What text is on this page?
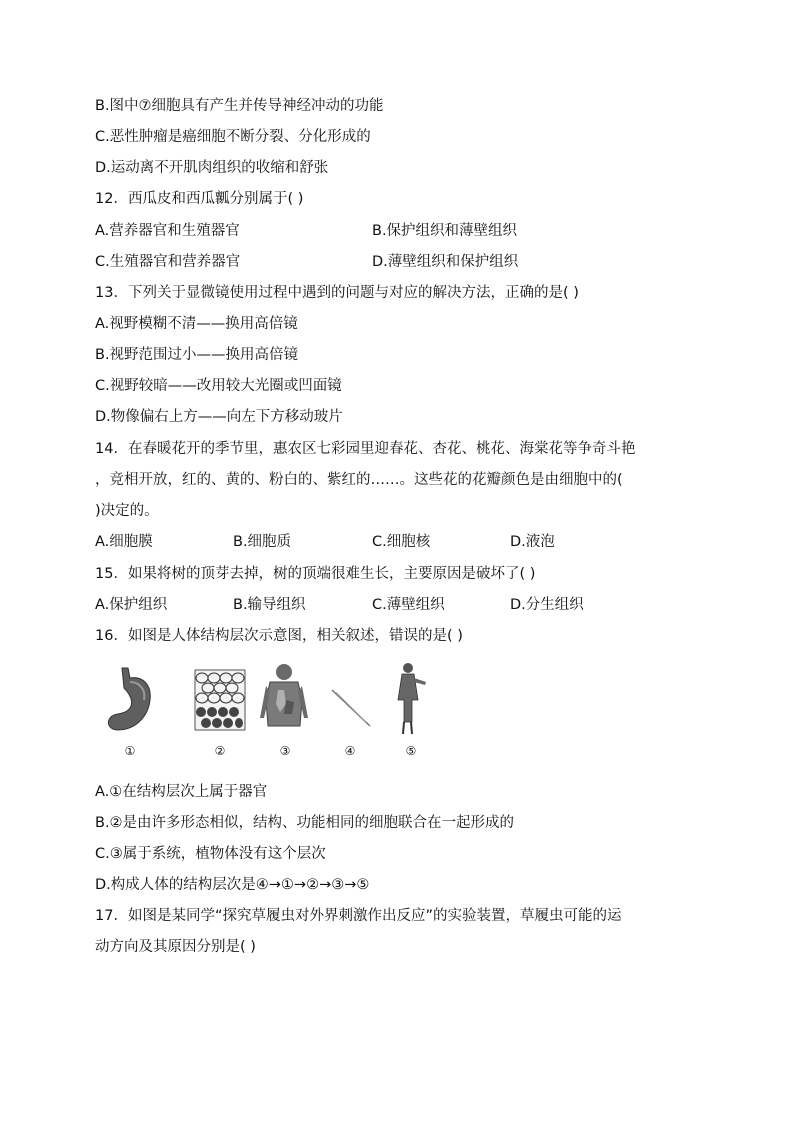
B.图中⑦细胞具有产生并传导神经冲动的功能
C.恶性肿瘤是癌细胞不断分裂、分化形成的
D.运动离不开肌肉组织的收缩和舒张
12．西瓜皮和西瓜瓤分别属于( )
A.营养器官和生殖器官	B.保护组织和薄壁组织
C.生殖器官和营养器官	D.薄壁组织和保护组织
13．下列关于显微镜使用过程中遇到的问题与对应的解决方法，正确的是( )
A.视野模糊不清——换用高倍镜
B.视野范围过小——换用高倍镜
C.视野较暗——改用较大光圈或凹面镜
D.物像偏右上方——向左下方移动玻片
14．在春暖花开的季节里，惠农区七彩园里迎春花、杏花、桃花、海棠花等争奇斗艳
，竞相开放，红的、黄的、粉白的、紫红的……。这些花的花瓣颜色是由细胞中的(
)决定的。
A.细胞膜	B.细胞质	C.细胞核	D.液泡
15．如果将树的顶芽去掉，树的顶端很难生长，主要原因是破坏了( )
A.保护组织	B.输导组织	C.薄壁组织	D.分生组织
16．如图是人体结构层次示意图，相关叙述，错误的是( )
①	②	③	④	⑤
A.①在结构层次上属于器官
B.②是由许多形态相似，结构、功能相同的细胞联合在一起形成的
C.③属于系统，植物体没有这个层次
D.构成人体的结构层次是④→①→②→③→⑤
17．如图是某同学“探究草履虫对外界刺激作出反应”的实验装置，草履虫可能的运
动方向及其原因分别是( )
